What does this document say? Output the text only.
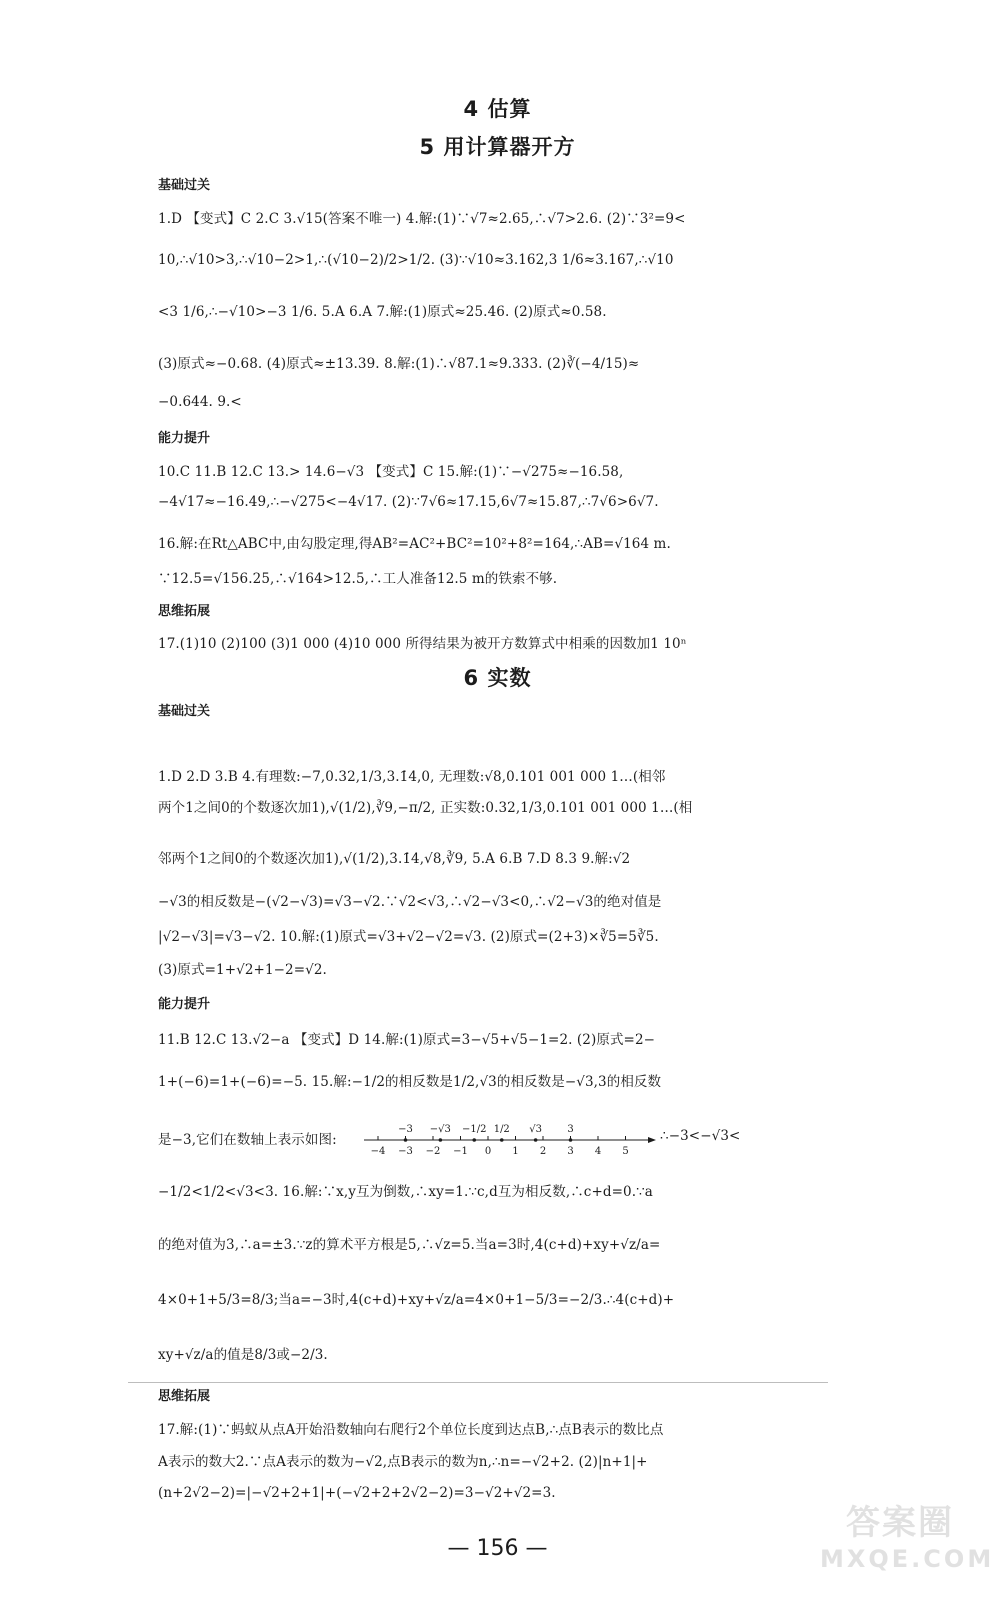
4 估算
5 用计算器开方
基础过关
1.D 【变式】C 2.C 3.√15(答案不唯一) 4.解:(1)∵√7≈2.65,∴√7>2.6. (2)∵3²=9<
10,∴√10>3,∴√10−2>1,∴(√10−2)/2>1/2. (3)∵√10≈3.162,3 1/6≈3.167,∴√10
<3 1/6,∴−√10>−3 1/6. 5.A 6.A 7.解:(1)原式≈25.46. (2)原式≈0.58.
(3)原式≈−0.68. (4)原式≈±13.39. 8.解:(1)∴√87.1≈9.333. (2)∛(−4/15)≈
−0.644. 9.<
能力提升
10.C 11.B 12.C 13.> 14.6−√3 【变式】C 15.解:(1)∵−√275≈−16.58,
−4√17≈−16.49,∴−√275<−4√17. (2)∵7√6≈17.15,6√7≈15.87,∴7√6>6√7.
16.解:在Rt△ABC中,由勾股定理,得AB²=AC²+BC²=10²+8²=164,∴AB=√164 m.
∵12.5=√156.25,∴√164>12.5,∴工人准备12.5 m的铁索不够.
思维拓展
17.(1)10 (2)100 (3)1 000 (4)10 000 所得结果为被开方数算式中相乘的因数加1 10ⁿ
6 实数
基础过关
1.D 2.D 3.B 4.有理数:−7,0.32,1/3,3.1̇4̇,0, 无理数:√8,0.101 001 000 1…(相邻
两个1之间0的个数逐次加1),√(1/2),∛9,−π/2, 正实数:0.32,1/3,0.101 001 000 1…(相
邻两个1之间0的个数逐次加1),√(1/2),3.1̇4̇,√8,∛9, 5.A 6.B 7.D 8.3 9.解:√2
−√3的相反数是−(√2−√3)=√3−√2.∵√2<√3,∴√2−√3<0,∴√2−√3的绝对值是
|√2−√3|=√3−√2. 10.解:(1)原式=√3+√2−√2=√3. (2)原式=(2+3)×∛5=5∛5.
(3)原式=1+√2+1−2=√2.
能力提升
11.B 12.C 13.√2−a 【变式】D 14.解:(1)原式=3−√5+√5−1=2. (2)原式=2−
1+(−6)=1+(−6)=−5. 15.解:−1/2的相反数是1/2,√3的相反数是−√3,3的相反数
是−3,它们在数轴上表示如图:
−4 −3 −2 −1 0 1 2 3 4 5
−3 −√3 −1/2 1/2 √3	3	∴−3<−√3<
−1/2<1/2<√3<3. 16.解:∵x,y互为倒数,∴xy=1.∵c,d互为相反数,∴c+d=0.∵a
的绝对值为3,∴a=±3.∵z的算术平方根是5,∴√z=5.当a=3时,4(c+d)+xy+√z/a=
4×0+1+5/3=8/3;当a=−3时,4(c+d)+xy+√z/a=4×0+1−5/3=−2/3.∴4(c+d)+
xy+√z/a的值是8/3或−2/3.
思维拓展
17.解:(1)∵蚂蚁从点A开始沿数轴向右爬行2个单位长度到达点B,∴点B表示的数比点
A表示的数大2.∵点A表示的数为−√2,点B表示的数为n,∴n=−√2+2. (2)|n+1|+
(n+2√2−2)=|−√2+2+1|+(−√2+2+2√2−2)=3−√2+√2=3.
— 156 —
答案圈
MXQE.COM
